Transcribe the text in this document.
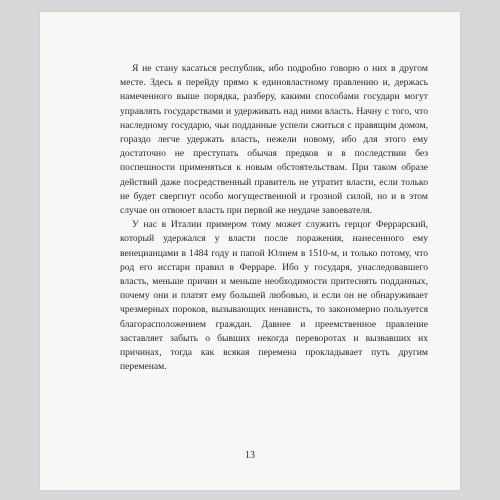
Я не стану касаться республик, ибо подробно говорю о них в другом месте. Здесь я перейду прямо к единовластному правлению и, держась намеченного выше порядка, разберу, какими способами государи могут управлять государствами и удерживать над ними власть. Начну с того, что наследному государю, чьи подданные успели сжиться с правящим домом, гораздо легче удержать власть, нежели новому, ибо для этого ему достаточно не преступать обычая предков и в последствии без поспешности применяться к новым обстоятельствам. При таком образе действий даже посредственный правитель не утратит власти, если только не будет свергнут особо могущественной и грозной силой, но и в этом случае он отвоюет власть при первой же неудаче завоевателя.

У нас в Италии примером тому может служить герцог Феррарский, который удержался у власти после поражения, нанесенного ему венецианцами в 1484 году и папой Юлием в 1510-м, и только потому, что род его исстари правил в Ферраре. Ибо у государя, унаследовавшего власть, меньше причин и меньше необходимости притеснять подданных, почему они и платят ему большей любовью, и если он не обнаруживает чрезмерных пороков, вызывающих ненависть, то закономерно пользуется благорасположением граждан. Давнее и преемственное правление заставляет забыть о бывших некогда переворотах и вызвавших их причинах, тогда как всякая перемена прокладывает путь другим переменам.

13
